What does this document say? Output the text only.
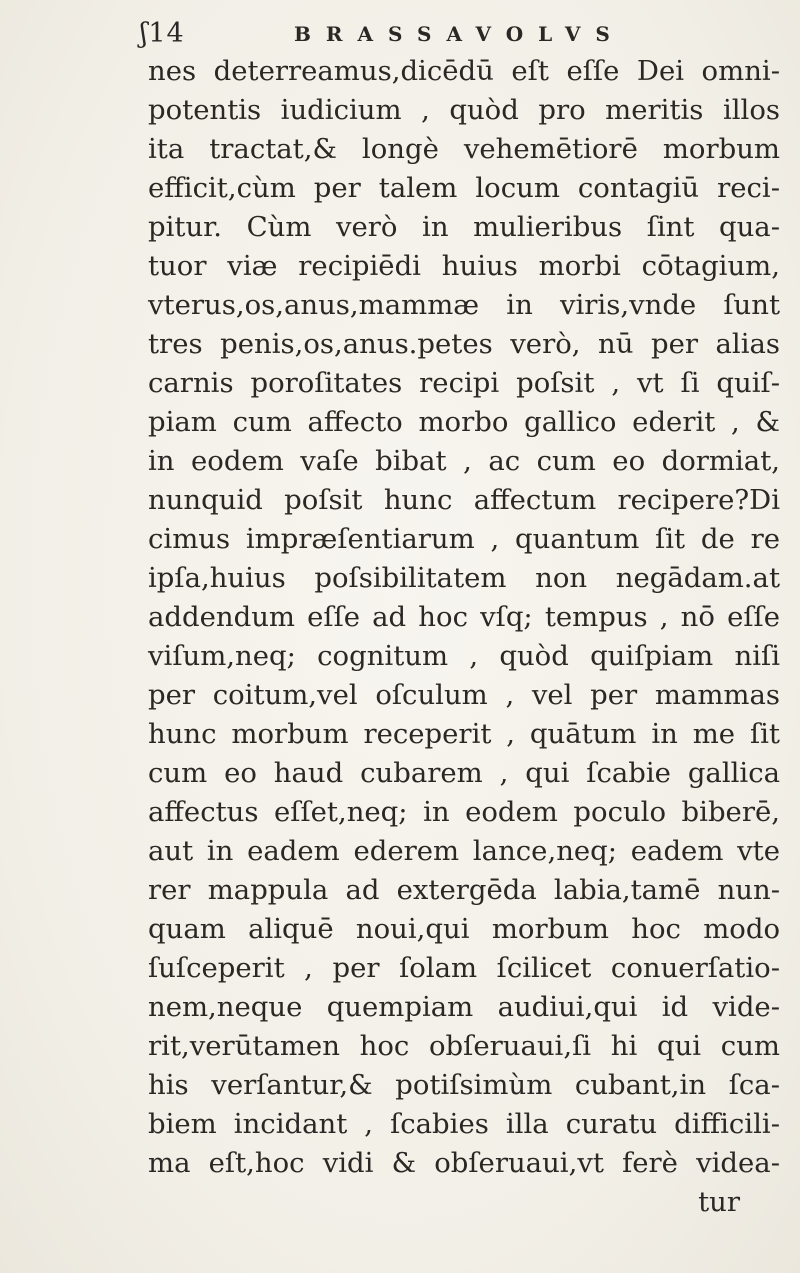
ʃ14	BRASSAVOLVS
nes deterreamus,dicēdū eſt eſſe Dei omni-
potentis iudicium , quòd pro meritis illos
ita tractat,& longè vehemētiorē morbum
efficit,cùm per talem locum contagiū reci-
pitur. Cùm verò in mulieribus ſint qua-
tuor viæ recipiēdi huius morbi cōtagium,
vterus,os,anus,mammæ in viris,vnde ſunt
tres penis,os,anus.petes verò, nū per alias
carnis poroſitates recipi poſsit , vt ſi quiſ-
piam cum affecto morbo gallico ederit , &
in eodem vaſe bibat , ac cum eo dormiat,
nunquid poſsit hunc affectum recipere?Di
cimus impræſentiarum , quantum ſit de re
ipſa,huius poſsibilitatem non negādam.at
addendum eſſe ad hoc vſq; tempus , nō eſſe
viſum,neq; cognitum , quòd quiſpiam niſi
per coitum,vel oſculum , vel per mammas
hunc morbum receperit , quātum in me ſit
cum eo haud cubarem , qui ſcabie gallica
affectus eſſet,neq; in eodem poculo biberē,
aut in eadem ederem lance,neq; eadem vte
rer mappula ad extergēda labia,tamē nun-
quam aliquē noui,qui morbum hoc modo
ſuſceperit , per ſolam ſcilicet conuerſatio-
nem,neque quempiam audiui,qui id vide-
rit,verūtamen hoc obſeruaui,ſi hi qui cum
his verſantur,& potiſsimùm cubant,in ſca-
biem incidant , ſcabies illa curatu difficili-
ma eſt,hoc vidi & obſeruaui,vt ferè videa-
tur
